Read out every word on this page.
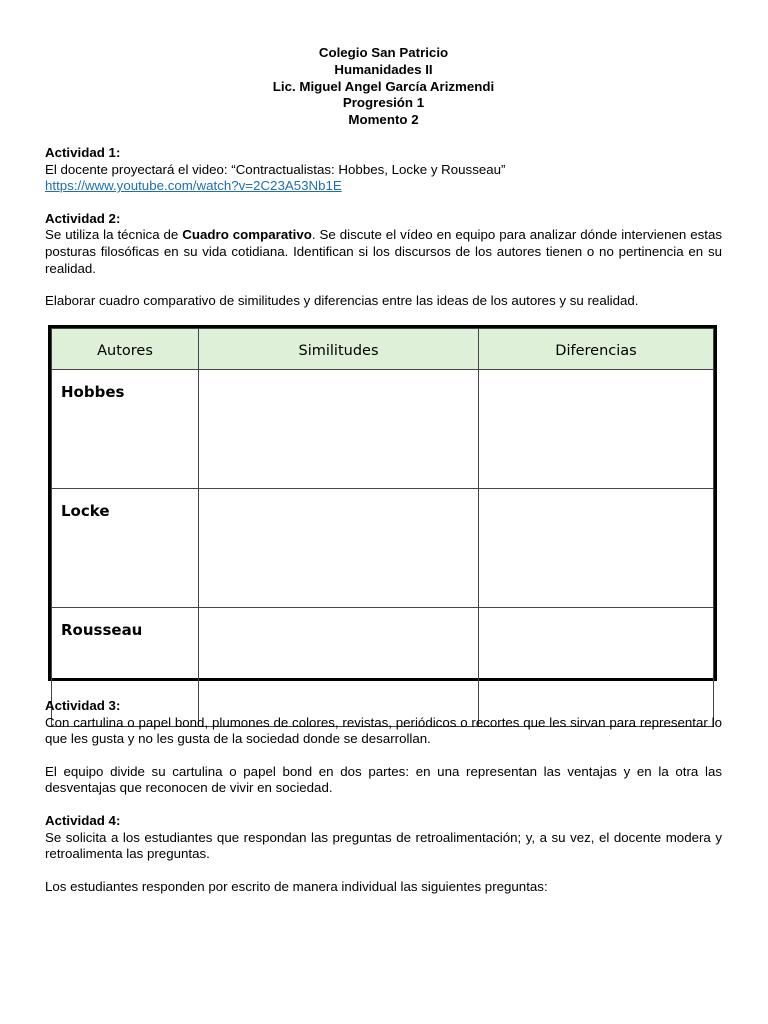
Colegio San Patricio
Humanidades II
Lic. Miguel Angel García Arizmendi
Progresión 1
Momento 2
Actividad 1:

El docente proyectará el video: “Contractualistas: Hobbes, Locke y Rousseau”

https://www.youtube.com/watch?v=2C23A53Nb1E

Actividad 2:

Se utiliza la técnica de Cuadro comparativo. Se discute el vídeo en equipo para analizar dónde intervienen estas posturas filosóficas en su vida cotidiana. Identifican si los discursos de los autores tienen o no pertinencia en su realidad.

Elaborar cuadro comparativo de similitudes y diferencias entre las ideas de los autores y su realidad.

Autores	Similitudes	Diferencias
Hobbes		
Locke		
Rousseau		
Actividad 3:

Con cartulina o papel bond, plumones de colores, revistas, periódicos o recortes que les sirvan para representar lo que les gusta y no les gusta de la sociedad donde se desarrollan.

El equipo divide su cartulina o papel bond en dos partes: en una representan las ventajas y en la otra las desventajas que reconocen de vivir en sociedad.

Actividad 4:

Se solicita a los estudiantes que respondan las preguntas de retroalimentación; y, a su vez, el docente modera y retroalimenta las preguntas.

Los estudiantes responden por escrito de manera individual las siguientes preguntas:
